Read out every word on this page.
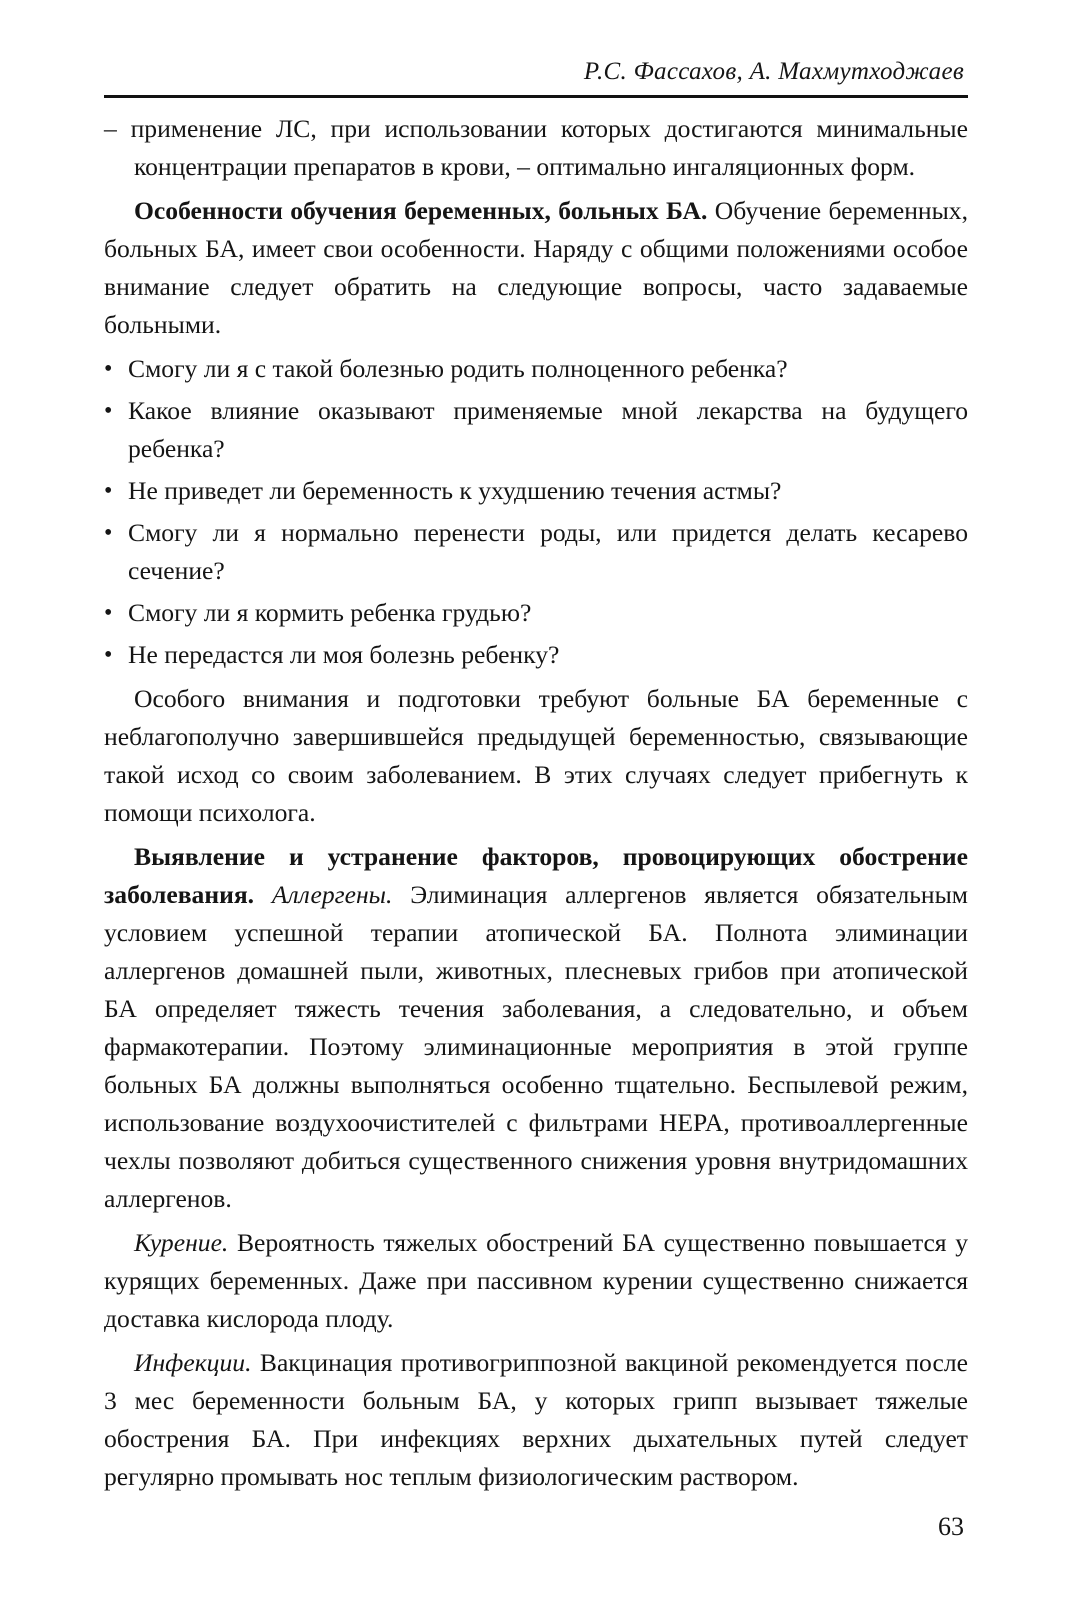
Р.С. Фассахов, А. Махмутходжаев

– применение ЛС, при использовании которых достигаются минимальные концентрации препаратов в крови, – оптимально ингаляционных форм.

Особенности обучения беременных, больных БА. Обучение беременных, больных БА, имеет свои особенности. Наряду с общими положениями особое внимание следует обратить на следующие вопросы, часто задаваемые больными.

• Смогу ли я с такой болезнью родить полноценного ребенка?
• Какое влияние оказывают применяемые мной лекарства на будущего ребенка?
• Не приведет ли беременность к ухудшению течения астмы?
• Смогу ли я нормально перенести роды, или придется делать кесарево сечение?
• Смогу ли я кормить ребенка грудью?
• Не передастся ли моя болезнь ребенку?

Особого внимания и подготовки требуют больные БА беременные с неблагополучно завершившейся предыдущей беременностью, связывающие такой исход со своим заболеванием. В этих случаях следует прибегнуть к помощи психолога.

Выявление и устранение факторов, провоцирующих обострение заболевания. Аллергены. Элиминация аллергенов является обязательным условием успешной терапии атопической БА. Полнота элиминации аллергенов домашней пыли, животных, плесневых грибов при атопической БА определяет тяжесть течения заболевания, а следовательно, и объем фармакотерапии. Поэтому элиминационные мероприятия в этой группе больных БА должны выполняться особенно тщательно. Беспылевой режим, использование воздухоочистителей с фильтрами HEPA, противоаллергенные чехлы позволяют добиться существенного снижения уровня внутридомашних аллергенов.

Курение. Вероятность тяжелых обострений БА существенно повышается у курящих беременных. Даже при пассивном курении существенно снижается доставка кислорода плоду.

Инфекции. Вакцинация противогриппозной вакциной рекомендуется после 3 мес беременности больным БА, у которых грипп вызывает тяжелые обострения БА. При инфекциях верхних дыхательных путей следует регулярно промывать нос теплым физиологическим раствором.

63
